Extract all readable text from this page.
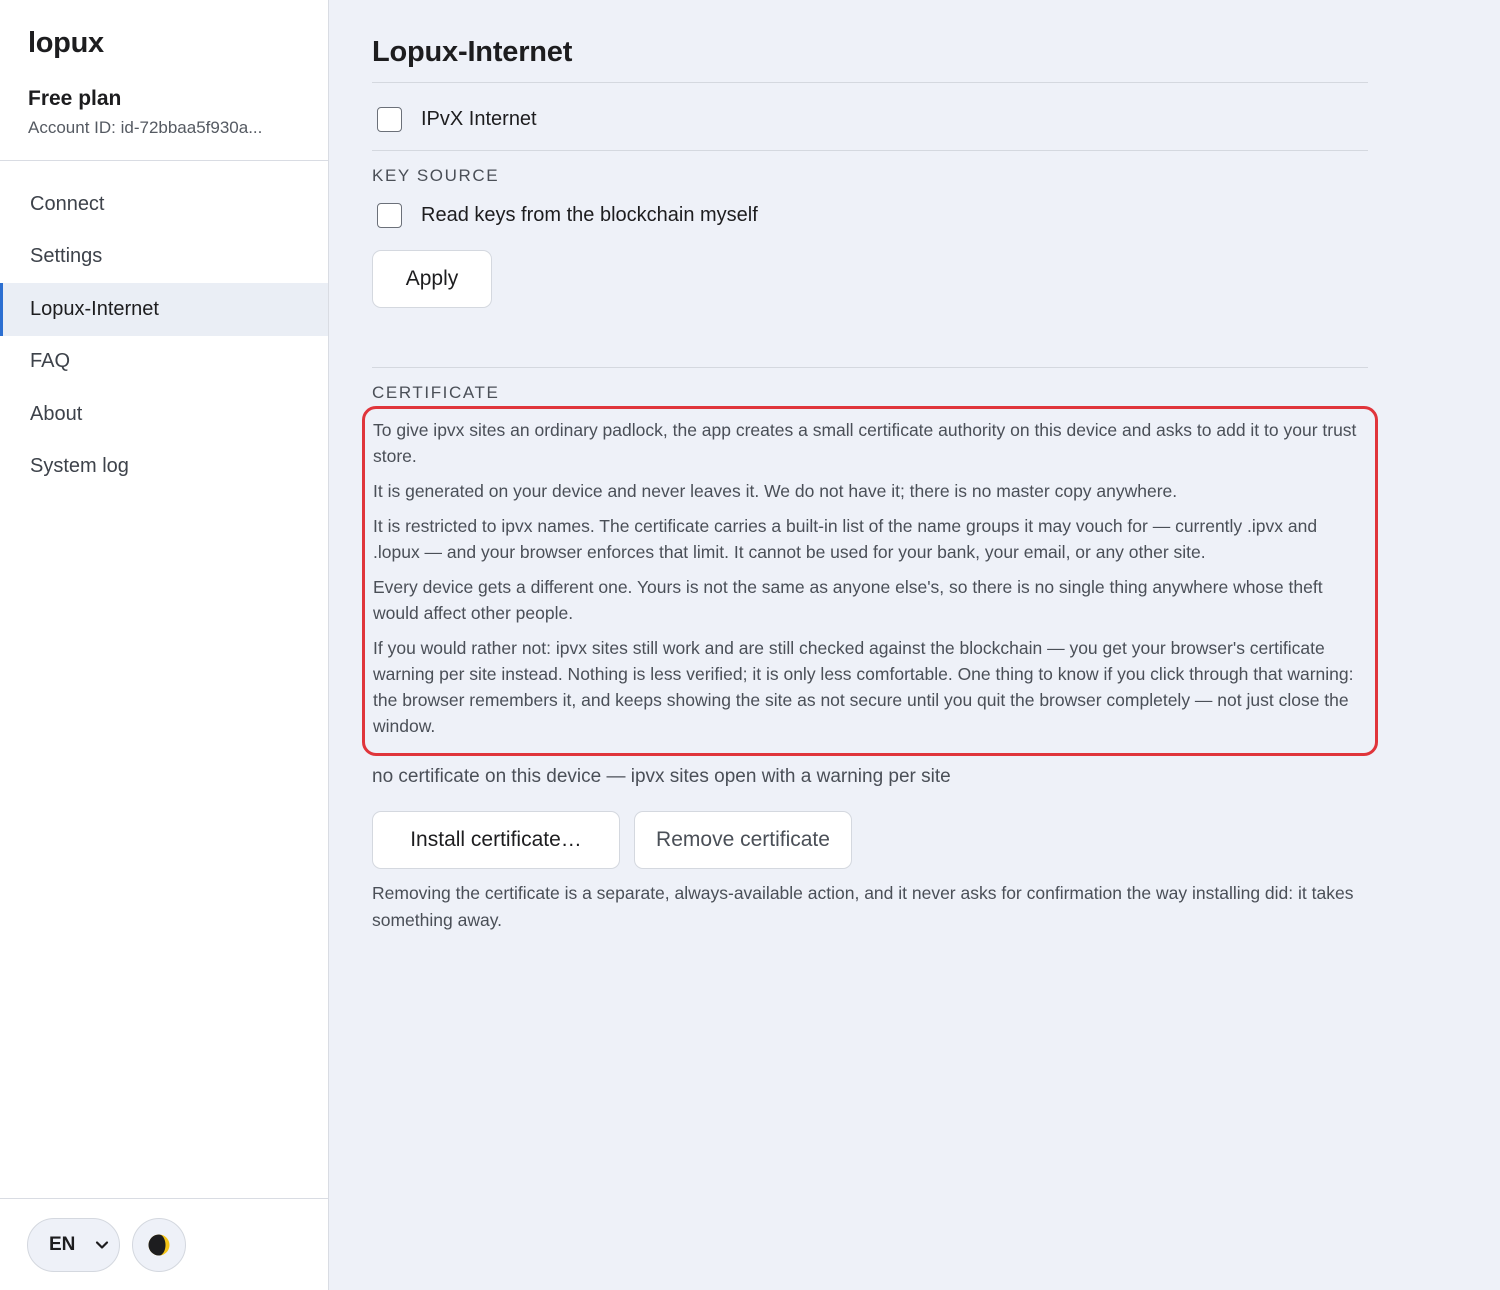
lopux
Free plan
Account ID: id-72bbaa5f930a...
Connect
Settings
Lopux-Internet
FAQ
About
System log
EN
Lopux-Internet
IPvX Internet
KEY SOURCE
Read keys from the blockchain myself
Apply
CERTIFICATE

To give ipvx sites an ordinary padlock, the app creates a small certificate authority on this device and asks to add it to your trust store.

It is generated on your device and never leaves it. We do not have it; there is no master copy anywhere.

It is restricted to ipvx names. The certificate carries a built-in list of the name groups it may vouch for — currently .ipvx and .lopux — and your browser enforces that limit. It cannot be used for your bank, your email, or any other site.

Every device gets a different one. Yours is not the same as anyone else's, so there is no single thing anywhere whose theft would affect other people.

If you would rather not: ipvx sites still work and are still checked against the blockchain — you get your browser's certificate warning per site instead. Nothing is less verified; it is only less comfortable. One thing to know if you click through that warning: the browser remembers it, and keeps showing the site as not secure until you quit the browser completely — not just close the window.

no certificate on this device — ipvx sites open with a warning per site
Install certificate…	Remove certificate

Removing the certificate is a separate, always-available action, and it never asks for confirmation the way installing did: it takes something away.
